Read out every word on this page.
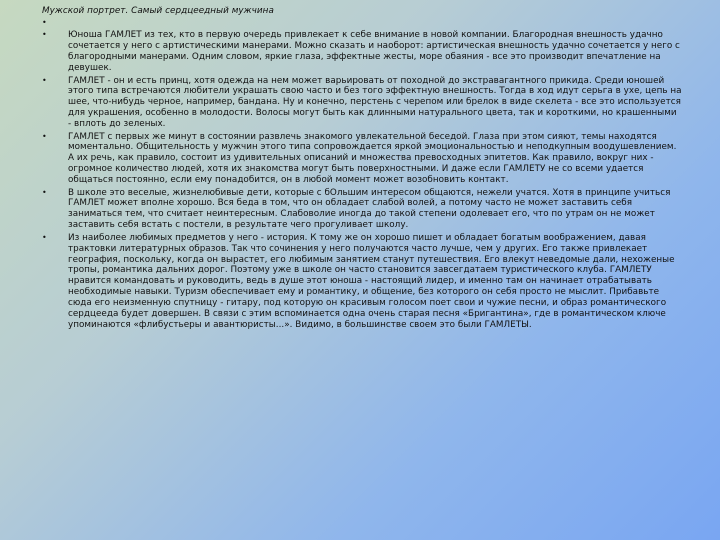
Мужской портрет. Самый сердцеедный мужчина
•
•	Юноша ГАМЛЕТ из тех, кто в первую очередь привлекает к себе внимание в новой компании. Благородная внешность удачно сочетается у него с артистическими манерами. Можно сказать и наоборот: артистическая внешность удачно сочетается у него с благородными манерами. Одним словом, яркие глаза, эффектные жесты, море обаяния - все это производит впечатление на девушек.
•	ГАМЛЕТ - он и есть принц, хотя одежда на нем может варьировать от походной до экстравагантного прикида. Среди юношей этого типа встречаются любители украшать свою часто и без того эффектную внешность. Тогда в ход идут серьга в ухе, цепь на шее, что-нибудь черное, например, бандана. Ну и конечно, перстень с черепом или брелок в виде скелета - все это используется для украшения, особенно в молодости. Волосы могут быть как длинными натурального цвета, так и короткими, но крашенными - вплоть до зеленых.
•	ГАМЛЕТ с первых же минут в состоянии развлечь знакомого увлекательной беседой. Глаза при этом сияют, темы находятся моментально. Общительность у мужчин этого типа сопровождается яркой эмоциональностью и неподкупным воодушевлением. А их речь, как правило, состоит из удивительных описаний и множества превосходных эпитетов. Как правило, вокруг них - огромное количество людей, хотя их знакомства могут быть поверхностными. И даже если ГАМЛЕТУ не со всеми удается общаться постоянно, если ему понадобится, он в любой момент может возобновить контакт.
•	В школе это веселые, жизнелюбивые дети, которые с бОльшим интересом общаются, нежели учатся. Хотя в принципе учиться ГАМЛЕТ может вполне хорошо. Вся беда в том, что он обладает слабой волей, а потому часто не может заставить себя заниматься тем, что считает неинтересным. Слабоволие иногда до такой степени одолевает его, что по утрам он не может заставить себя встать с постели, в результате чего прогуливает школу.
•	Из наиболее любимых предметов у него - история. К тому же он хорошо пишет и обладает богатым воображением, давая трактовки литературных образов. Так что сочинения у него получаются часто лучше, чем у других. Его также привлекает география, поскольку, когда он вырастет, его любимым занятием станут путешествия. Его влекут неведомые дали, нехоженые тропы, романтика дальних дорог. Поэтому уже в школе он часто становится завсегдатаем туристического клуба. ГАМЛЕТУ нравится командовать и руководить, ведь в душе этот юноша - настоящий лидер, и именно там он начинает отрабатывать необходимые навыки. Туризм обеспечивает ему и романтику, и общение, без которого он себя просто не мыслит. Прибавьте сюда его неизменную спутницу - гитару, под которую он красивым голосом поет свои и чужие песни, и образ романтического сердцееда будет довершен. В связи с этим вспоминается одна очень старая песня «Бригантина», где в романтическом ключе упоминаются «флибустьеры и авантюристы...». Видимо, в большинстве своем это были ГАМЛЕТЫ.
